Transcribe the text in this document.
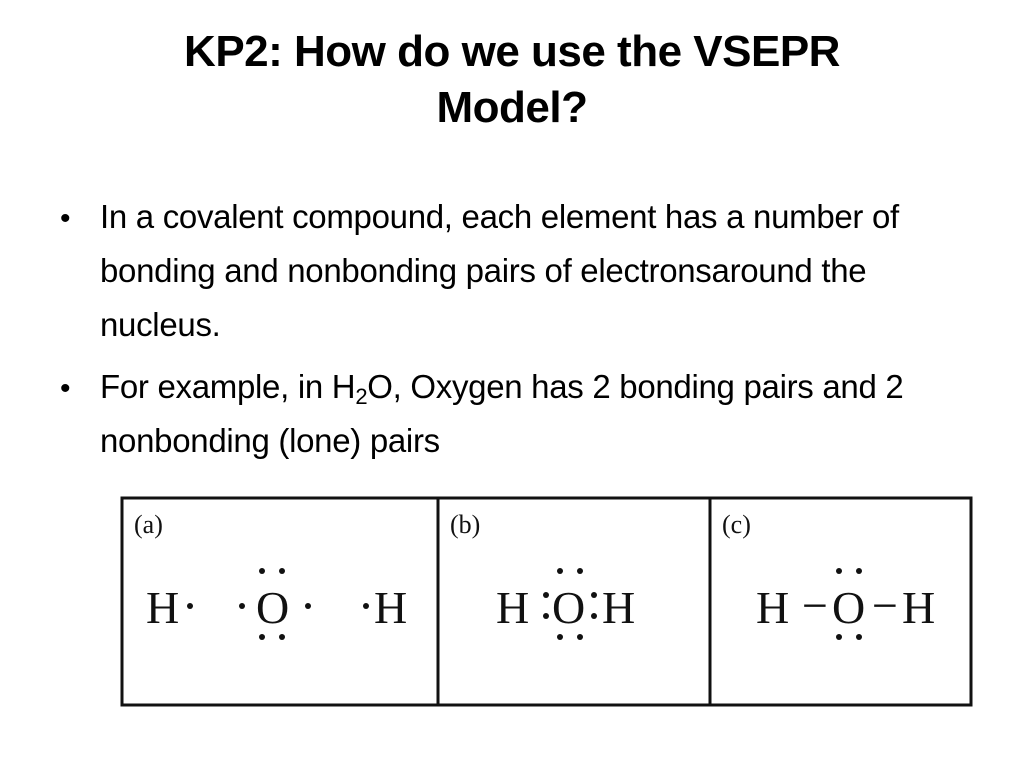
KP2: How do we use the VSEPR Model?
•
In a covalent compound, each element has a number of bonding and nonbonding pairs of electronsaround the nucleus.
•
For example, in $H_2O$, Oxygen has 2 bonding pairs and 2 nonbonding (lone) pairs
(a)
H O H
(b)
H O H
(c)
H − O − H
